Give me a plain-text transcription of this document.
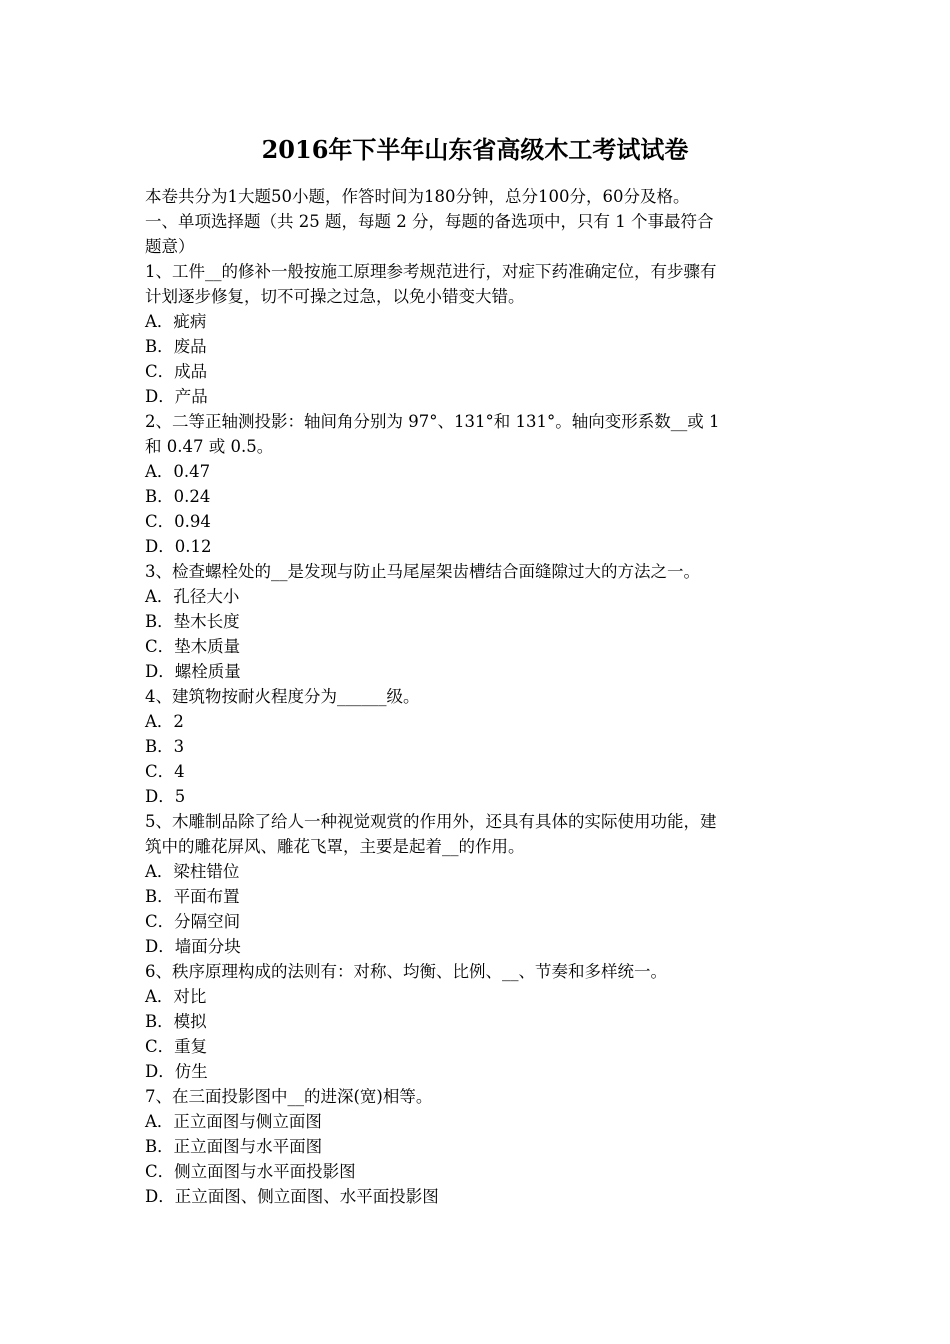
2016年下半年山东省高级木工考试试卷
本卷共分为1大题50小题，作答时间为180分钟，总分100分，60分及格。
一、单项选择题（共 25 题，每题 2 分，每题的备选项中，只有 1 个事最符合
题意）
1、工件__的修补一般按施工原理参考规范进行，对症下药准确定位，有步骤有
计划逐步修复，切不可操之过急，以免小错变大错。
A．疵病
B．废品
C．成品
D．产品
2、二等正轴测投影：轴间角分别为 97°、131°和 131°。轴向变形系数__或 1
和 0.47 或 0.5。
A．0.47
B．0.24
C．0.94
D．0.12
3、检查螺栓处的__是发现与防止马尾屋架齿槽结合面缝隙过大的方法之一。
A．孔径大小
B．垫木长度
C．垫木质量
D．螺栓质量
4、建筑物按耐火程度分为______级。
A．2
B．3
C．4
D．5
5、木雕制品除了给人一种视觉观赏的作用外，还具有具体的实际使用功能，建
筑中的雕花屏风、雕花飞罩，主要是起着__的作用。
A．梁柱错位
B．平面布置
C．分隔空间
D．墙面分块
6、秩序原理构成的法则有：对称、均衡、比例、__、节奏和多样统一。
A．对比
B．模拟
C．重复
D．仿生
7、在三面投影图中__的进深(宽)相等。
A．正立面图与侧立面图
B．正立面图与水平面图
C．侧立面图与水平面投影图
D．正立面图、侧立面图、水平面投影图
